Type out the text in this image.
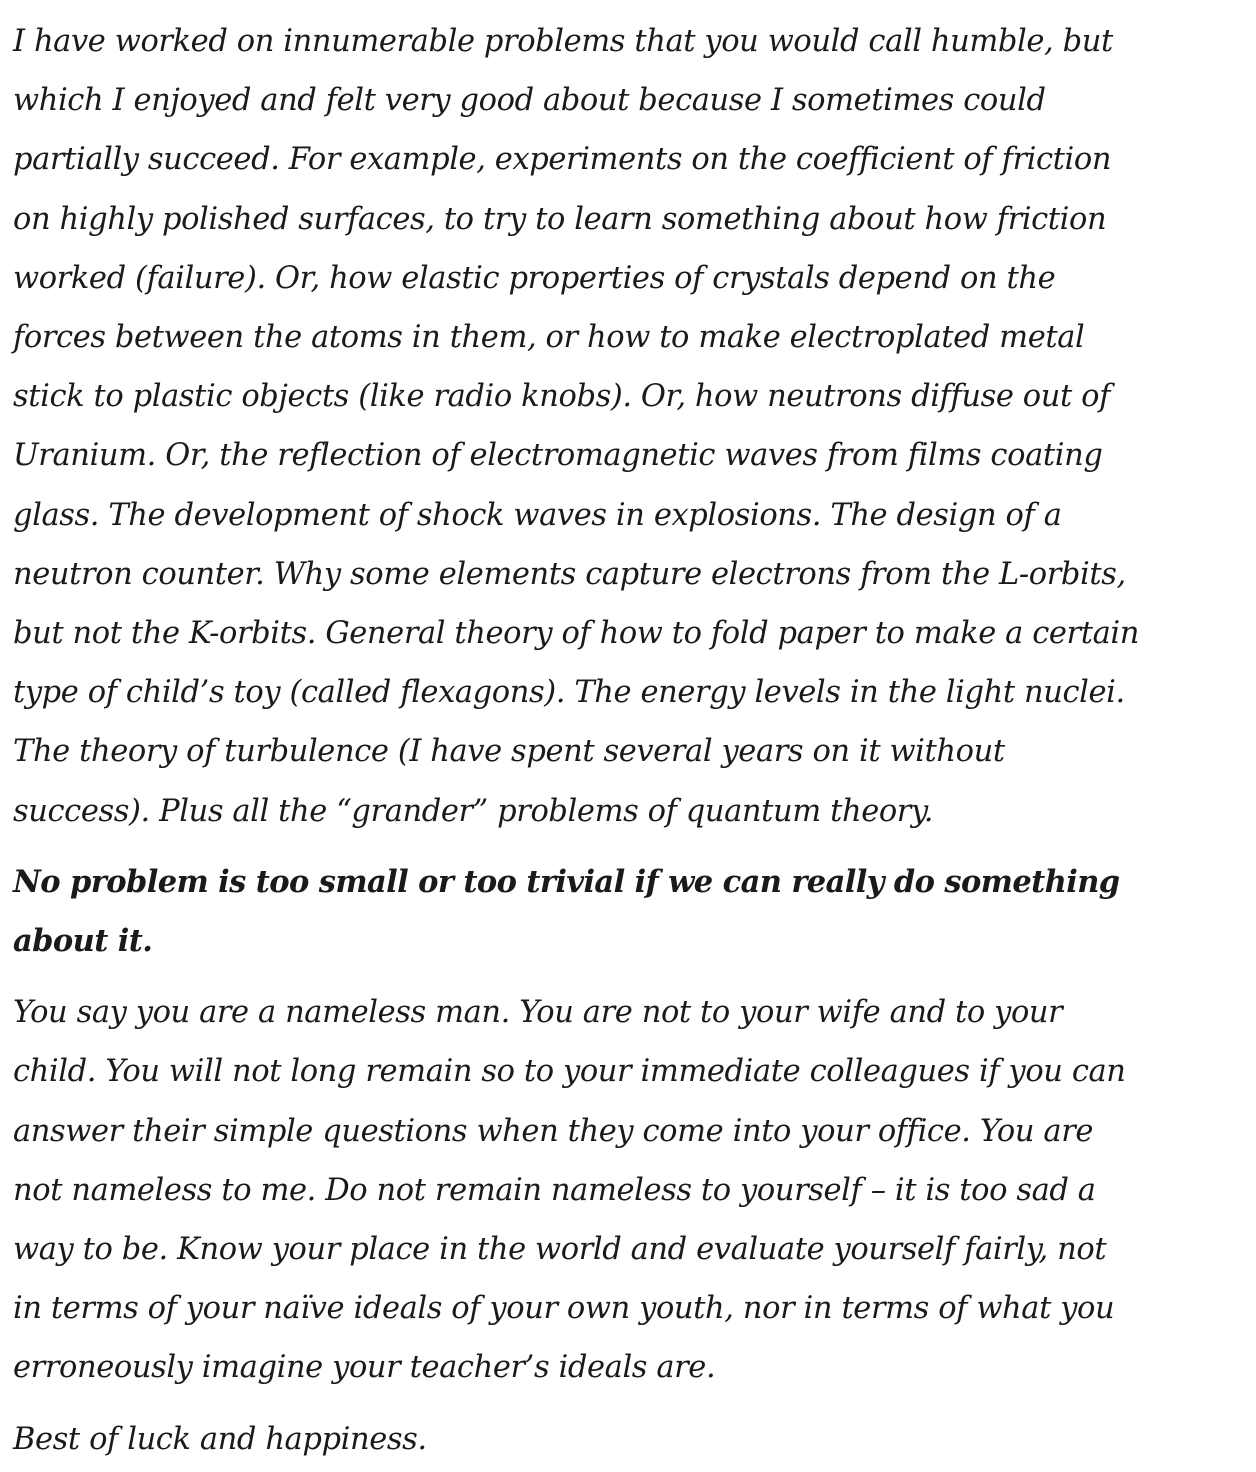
I have worked on innumerable problems that you would call humble, but which I enjoyed and felt very good about because I sometimes could partially succeed. For example, experiments on the coefficient of friction on highly polished surfaces, to try to learn something about how friction worked (failure). Or, how elastic properties of crystals depend on the forces between the atoms in them, or how to make electroplated metal stick to plastic objects (like radio knobs). Or, how neutrons diffuse out of Uranium. Or, the reflection of electromagnetic waves from films coating glass. The development of shock waves in explosions. The design of a neutron counter. Why some elements capture electrons from the L-orbits, but not the K-orbits. General theory of how to fold paper to make a certain type of child’s toy (called flexagons). The energy levels in the light nuclei. The theory of turbulence (I have spent several years on it without success). Plus all the “grander” problems of quantum theory.

No problem is too small or too trivial if we can really do something about it.

You say you are a nameless man. You are not to your wife and to your child. You will not long remain so to your immediate colleagues if you can answer their simple questions when they come into your office. You are not nameless to me. Do not remain nameless to yourself – it is too sad a way to be. Know your place in the world and evaluate yourself fairly, not in terms of your naïve ideals of your own youth, nor in terms of what you erroneously imagine your teacher’s ideals are.

Best of luck and happiness.
